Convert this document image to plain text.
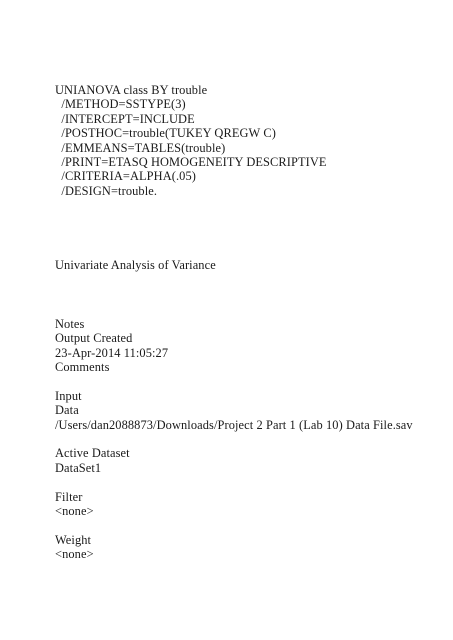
UNIANOVA class BY trouble
/METHOD=SSTYPE(3)
/INTERCEPT=INCLUDE
/POSTHOC=trouble(TUKEY QREGW C)
/EMMEANS=TABLES(trouble)
/PRINT=ETASQ HOMOGENEITY DESCRIPTIVE
/CRITERIA=ALPHA(.05)
/DESIGN=trouble.
Univariate Analysis of Variance
Notes
Output Created
23-Apr-2014 11:05:27
Comments
Input
Data
/Users/dan2088873/Downloads/Project 2 Part 1 (Lab 10) Data File.sav
Active Dataset
DataSet1
Filter
<none>
Weight
<none>
